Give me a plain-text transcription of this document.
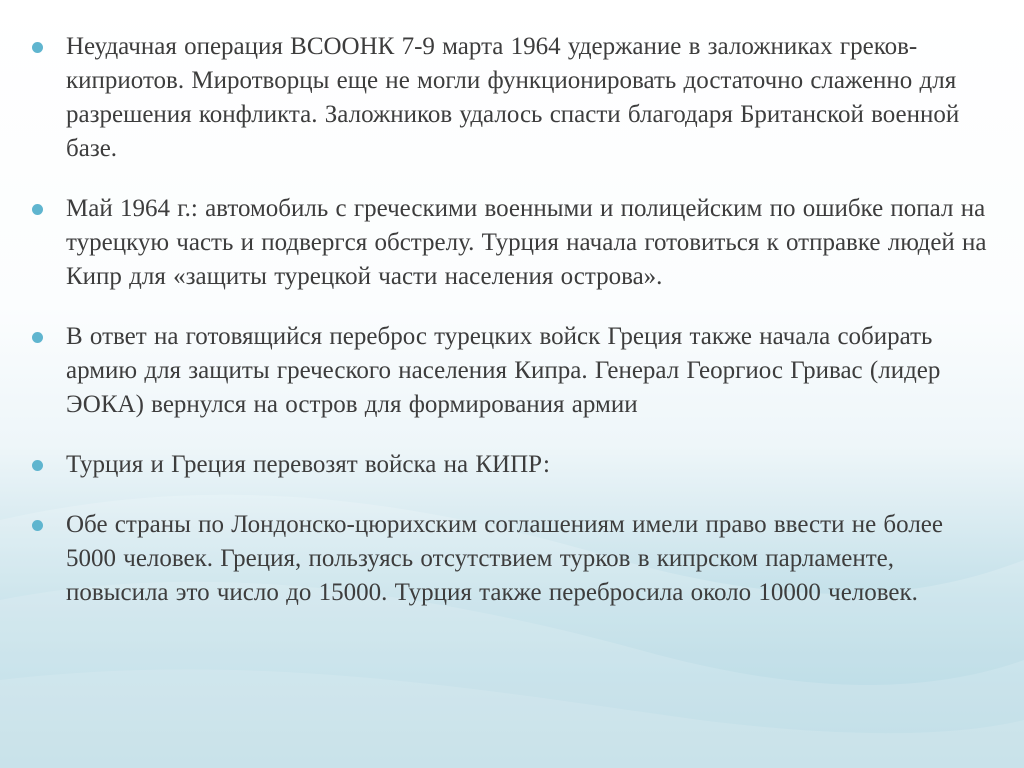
Неудачная операция ВСООНК 7-9 марта 1964 удержание в заложниках греков-киприотов. Миротворцы еще не могли функционировать достаточно слаженно для разрешения конфликта. Заложников удалось спасти благодаря Британской военной базе.
Май 1964 г.: автомобиль с греческими военными и полицейским по ошибке попал на турецкую часть и подвергся обстрелу. Турция начала готовиться к отправке людей на Кипр для «защиты турецкой части населения острова».
В ответ на готовящийся переброс турецких войск Греция также начала собирать армию для защиты греческого населения Кипра. Генерал Георгиос Гривас (лидер ЭОКА) вернулся на остров для формирования армии
Турция и Греция перевозят войска на КИПР:
Обе страны по Лондонско-цюрихским соглашениям имели право ввести не более 5000 человек. Греция, пользуясь отсутствием турков в кипрском парламенте, повысила это число до 15000. Турция также перебросила около 10000 человек.
